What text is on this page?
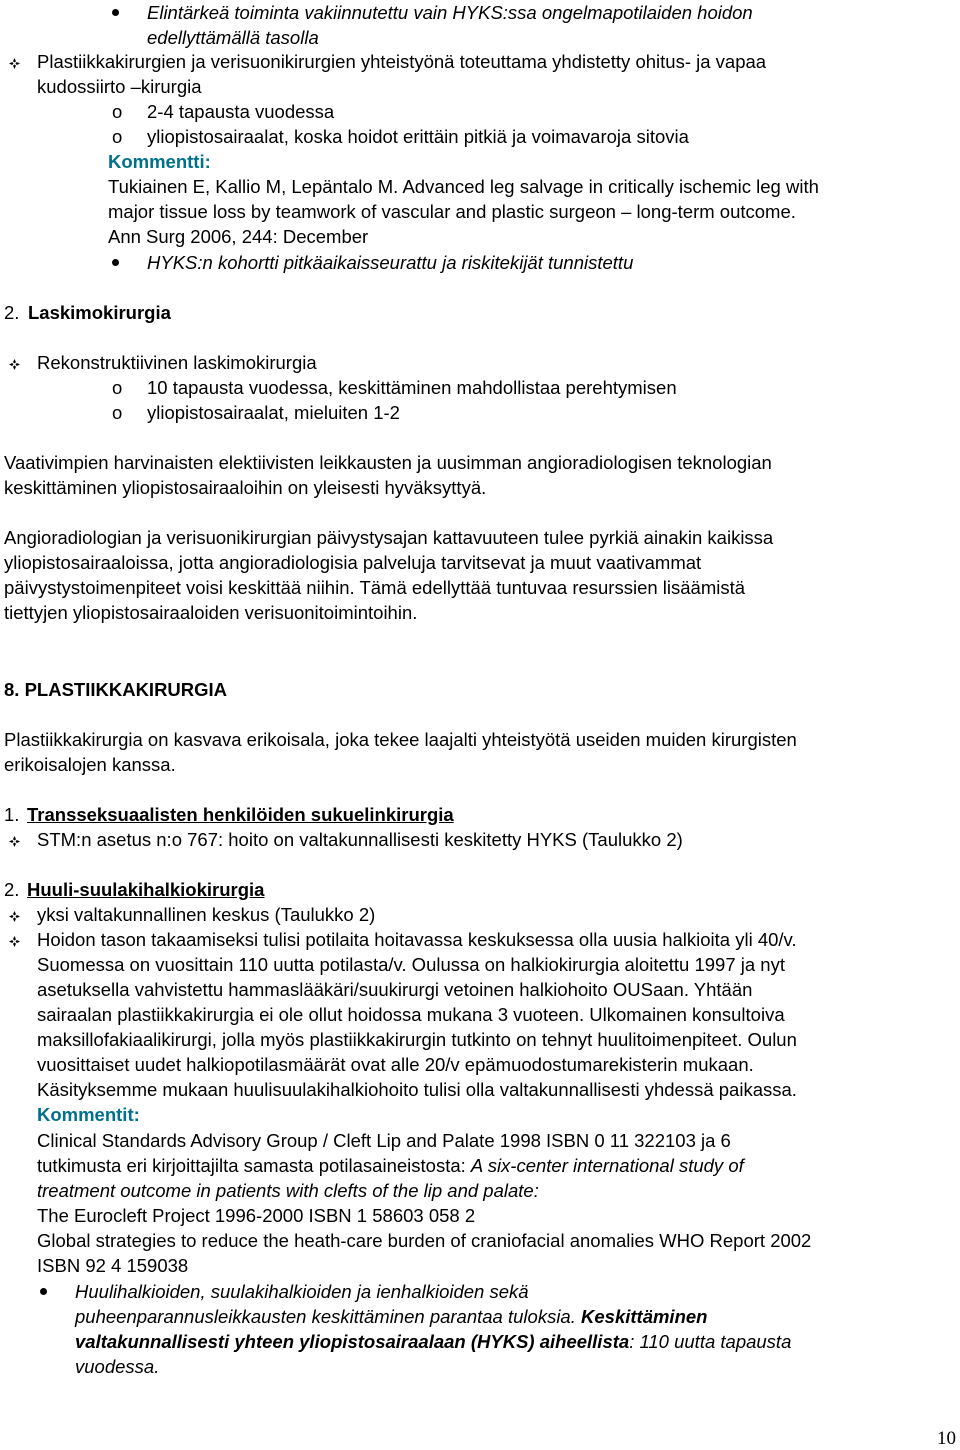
Elintärkeä toiminta vakiinnutettu vain HYKS:ssa ongelmapotilaiden hoidon
edellyttämällä tasolla
Plastiikkakirurgien ja verisuonikirurgien yhteistyönä toteuttama yhdistetty ohitus- ja vapaa
kudossiirto –kirurgia
o 2-4 tapausta vuodessa
o yliopistosairaalat, koska hoidot erittäin pitkiä ja voimavaroja sitovia
Kommentti:
Tukiainen E, Kallio M, Lepäntalo M. Advanced leg salvage in critically ischemic leg with
major tissue loss by teamwork of vascular and plastic surgeon – long-term outcome.
Ann Surg 2006, 244: December
HYKS:n kohortti pitkäaikaisseurattu ja riskitekijät tunnistettu
2. Laskimokirurgia
Rekonstruktiivinen laskimokirurgia
o 10 tapausta vuodessa, keskittäminen mahdollistaa perehtymisen
o yliopistosairaalat, mieluiten 1-2
Vaativimpien harvinaisten elektiivisten leikkausten ja uusimman angioradiologisen teknologian
keskittäminen yliopistosairaaloihin on yleisesti hyväksyttyä.
Angioradiologian ja verisuonikirurgian päivystysajan kattavuuteen tulee pyrkiä ainakin kaikissa
yliopistosairaaloissa, jotta angioradiologisia palveluja tarvitsevat ja muut vaativammat
päivystystoimenpiteet voisi keskittää niihin. Tämä edellyttää tuntuvaa resurssien lisäämistä
tiettyjen yliopistosairaaloiden verisuonitoimintoihin.
8. PLASTIIKKAKIRURGIA
Plastiikkakirurgia on kasvava erikoisala, joka tekee laajalti yhteistyötä useiden muiden kirurgisten
erikoisalojen kanssa.
1. Transseksuaalisten henkilöiden sukuelinkirurgia
STM:n asetus n:o 767: hoito on valtakunnallisesti keskitetty HYKS (Taulukko 2)
2. Huuli-suulakihalkiokirurgia
yksi valtakunnallinen keskus (Taulukko 2)
Hoidon tason takaamiseksi tulisi potilaita hoitavassa keskuksessa olla uusia halkioita yli 40/v.
Suomessa on vuosittain 110 uutta potilasta/v. Oulussa on halkiokirurgia aloitettu 1997 ja nyt
asetuksella vahvistettu hammaslääkäri/suukirurgi vetoinen halkiohoito OUSaan. Yhtään
sairaalan plastiikkakirurgia ei ole ollut hoidossa mukana 3 vuoteen. Ulkomainen konsultoiva
maksillofakiaalikirurgi, jolla myös plastiikkakirurgin tutkinto on tehnyt huulitoimenpiteet. Oulun
vuosittaiset uudet halkiopotilasmäärät ovat alle 20/v epämuodostumarekisterin mukaan.
Käsityksemme mukaan huulisuulakihalkiohoito tulisi olla valtakunnallisesti yhdessä paikassa.
Kommentit:
Clinical Standards Advisory Group / Cleft Lip and Palate 1998 ISBN 0 11 322103 ja 6
tutkimusta eri kirjoittajilta samasta potilasaineistosta: A six-center international study of
treatment outcome in patients with clefts of the lip and palate:
The Eurocleft Project 1996-2000 ISBN 1 58603 058 2
Global strategies to reduce the heath-care burden of craniofacial anomalies WHO Report 2002
ISBN 92 4 159038
Huulihalkioiden, suulakihalkioiden ja ienhalkioiden sekä
puheenparannusleikkausten keskittäminen parantaa tuloksia. Keskittäminen
valtakunnallisesti yhteen yliopistosairaalaan (HYKS) aiheellista: 110 uutta tapausta
vuodessa.
10
